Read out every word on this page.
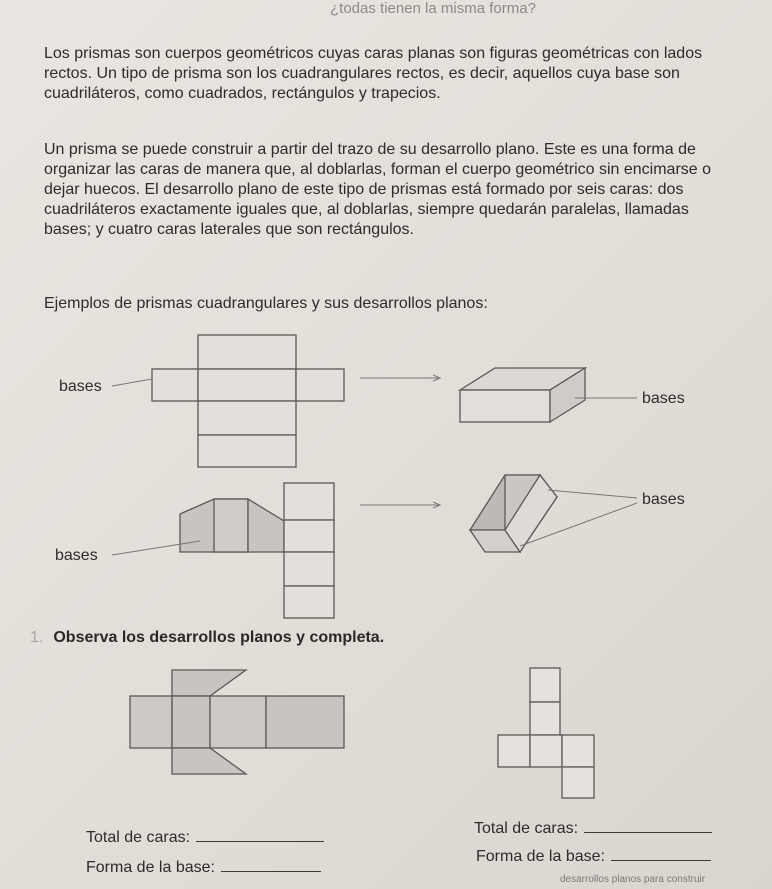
¿todas tienen la misma forma?

Los prismas son cuerpos geométricos cuyas caras planas son figuras geométricas con lados rectos. Un tipo de prisma son los cuadrangulares rectos, es decir, aquellos cuya base son cuadriláteros, como cuadrados, rectángulos y trapecios.

Un prisma se puede construir a partir del trazo de su desarrollo plano. Este es una forma de organizar las caras de manera que, al doblarlas, forman el cuerpo geométrico sin encimarse o dejar huecos. El desarrollo plano de este tipo de prismas está formado por seis caras: dos cuadriláteros exactamente iguales que, al doblarlas, siempre quedarán paralelas, llamadas bases; y cuatro caras laterales que son rectángulos.

Ejemplos de prismas cuadrangulares y sus desarrollos planos:

bases
bases
bases
bases
1. Observa los desarrollos planos y completa.
Total de caras:
Forma de la base:
Total de caras:
Forma de la base:
desarrollos planos para construir
